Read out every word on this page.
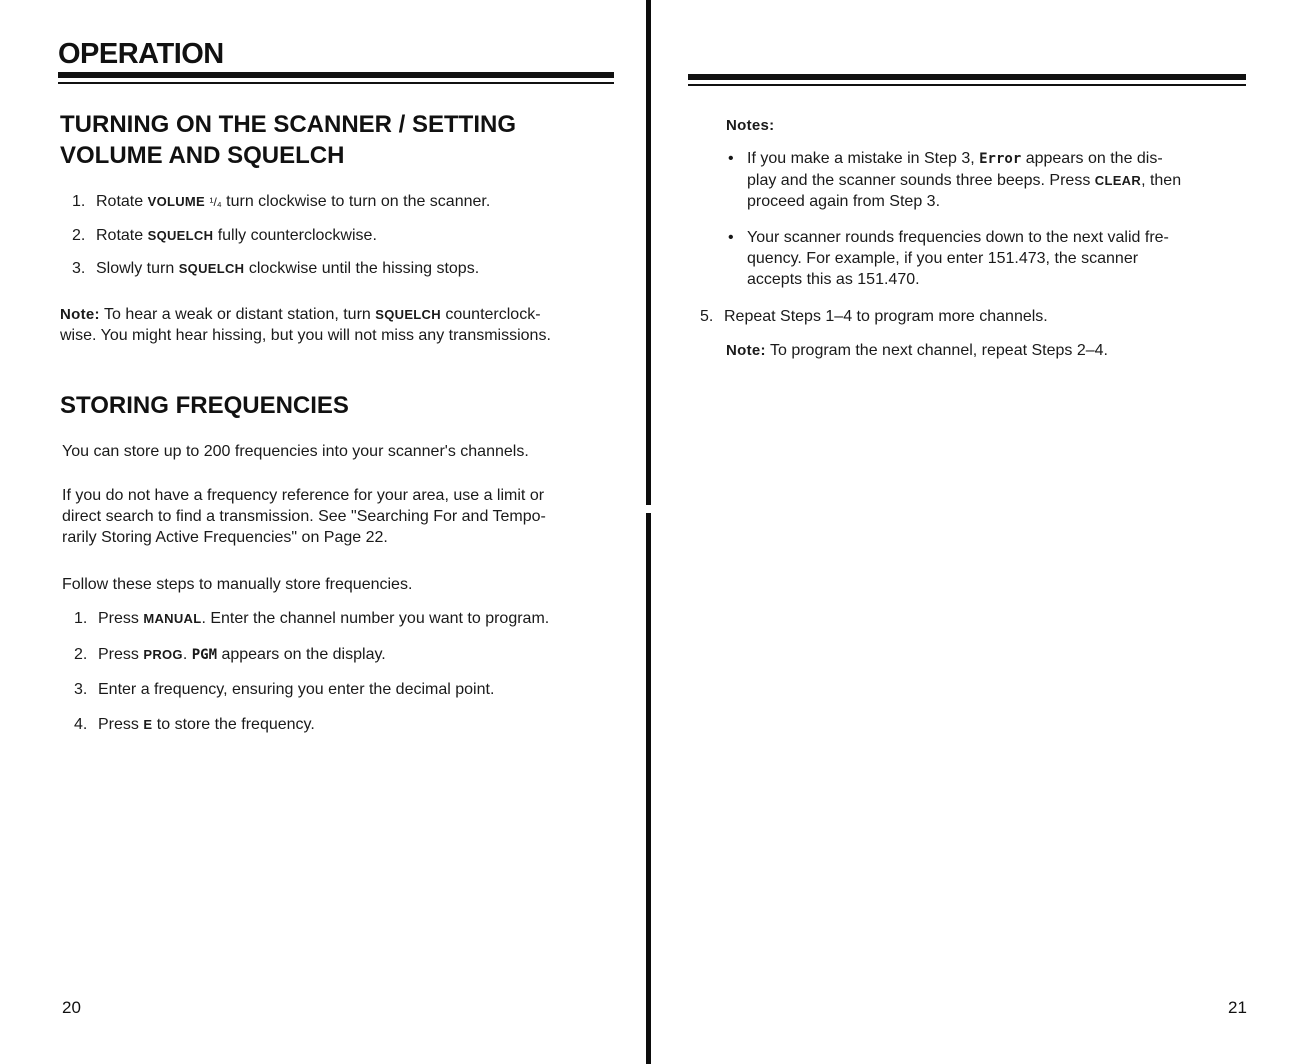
OPERATION
TURNING ON THE SCANNER / SETTING
VOLUME AND SQUELCH

1. Rotate VOLUME ¹/₄ turn clockwise to turn on the scanner.

2. Rotate SQUELCH fully counterclockwise.

3. Slowly turn SQUELCH clockwise until the hissing stops.

Note: To hear a weak or distant station, turn SQUELCH counterclock-
wise. You might hear hissing, but you will not miss any transmissions.

STORING FREQUENCIES

You can store up to 200 frequencies into your scanner's channels.

If you do not have a frequency reference for your area, use a limit or
direct search to find a transmission. See "Searching For and Tempo-
rarily Storing Active Frequencies" on Page 22.

Follow these steps to manually store frequencies.

1. Press MANUAL. Enter the channel number you want to program.

2. Press PROG. PGM appears on the display.

3. Enter a frequency, ensuring you enter the decimal point.

4. Press E to store the frequency.

20

Notes:

• If you make a mistake in Step 3, Error appears on the dis-
play and the scanner sounds three beeps. Press CLEAR, then
proceed again from Step 3.

• Your scanner rounds frequencies down to the next valid fre-
quency. For example, if you enter 151.473, the scanner
accepts this as 151.470.

5. Repeat Steps 1–4 to program more channels.

Note: To program the next channel, repeat Steps 2–4.

21
